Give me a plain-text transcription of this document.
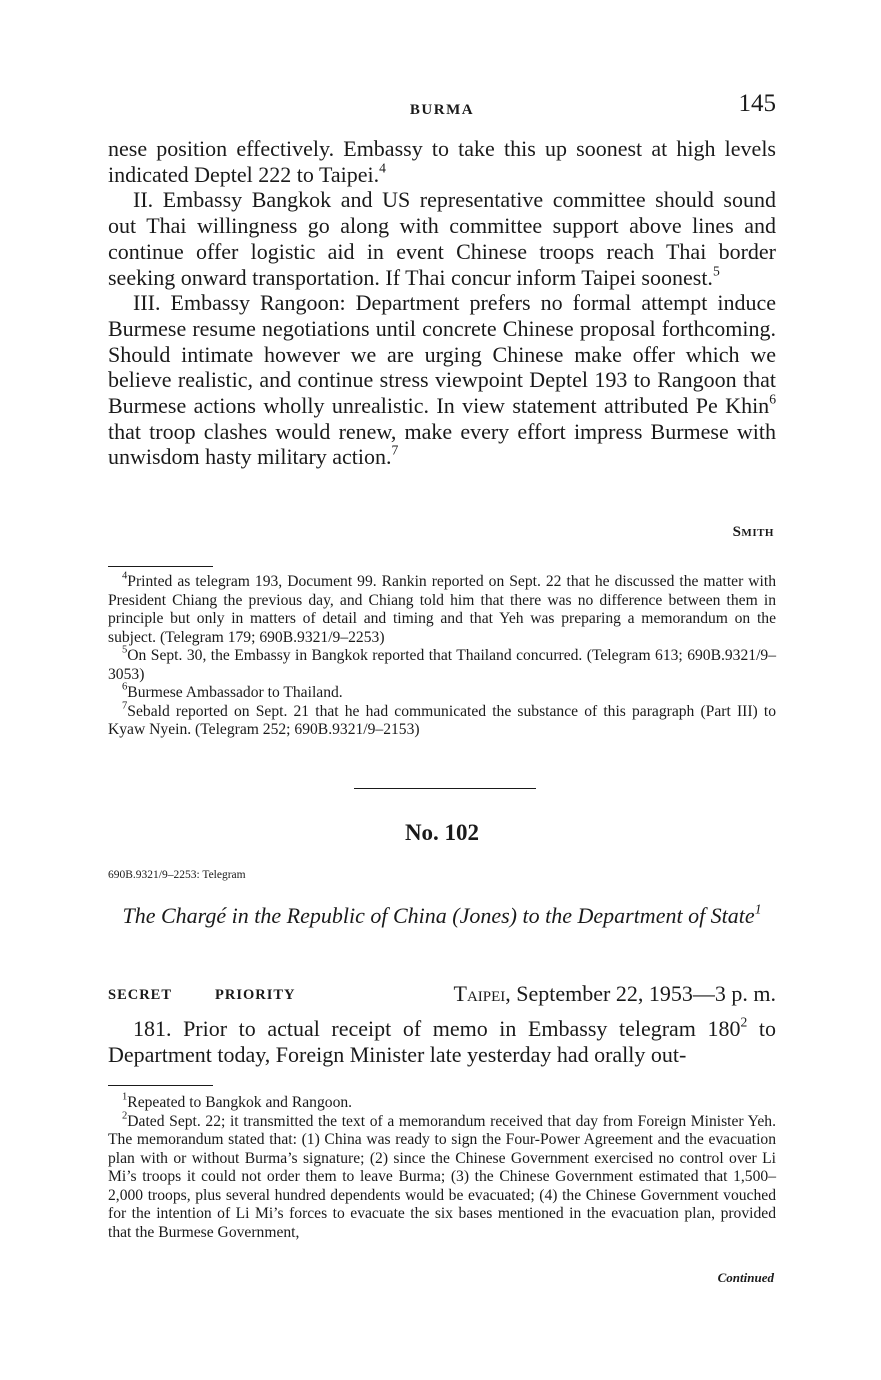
BURMA	145

nese position effectively. Embassy to take this up soonest at high levels indicated Deptel 222 to Taipei.$^4$

II. Embassy Bangkok and US representative committee should sound out Thai willingness go along with committee support above lines and continue offer logistic aid in event Chinese troops reach Thai border seeking onward transportation. If Thai concur inform Taipei soonest.$^5$

III. Embassy Rangoon: Department prefers no formal attempt induce Burmese resume negotiations until concrete Chinese proposal forthcoming. Should intimate however we are urging Chinese make offer which we believe realistic, and continue stress viewpoint Deptel 193 to Rangoon that Burmese actions wholly unrealistic. In view statement attributed Pe Khin$^6$ that troop clashes would renew, make every effort impress Burmese with unwisdom hasty military action.$^7$

Smith

$^4$Printed as telegram 193, Document 99. Rankin reported on Sept. 22 that he discussed the matter with President Chiang the previous day, and Chiang told him that there was no difference between them in principle but only in matters of detail and timing and that Yeh was preparing a memorandum on the subject. (Telegram 179; 690B.9321/9–2253)

$^5$On Sept. 30, the Embassy in Bangkok reported that Thailand concurred. (Telegram 613; 690B.9321/9–3053)

$^6$Burmese Ambassador to Thailand.

$^7$Sebald reported on Sept. 21 that he had communicated the substance of this paragraph (Part III) to Kyaw Nyein. (Telegram 252; 690B.9321/9–2153)

No. 102
690B.9321/9–2253: Telegram
The Chargé in the Republic of China (Jones) to the Department of State$^1$
SECRET	PRIORITY	Taipei, September 22, 1953—3 p. m.

181. Prior to actual receipt of memo in Embassy telegram $180^2$ to Department today, Foreign Minister late yesterday had orally out-

$^1$Repeated to Bangkok and Rangoon.

$^2$Dated Sept. 22; it transmitted the text of a memorandum received that day from Foreign Minister Yeh. The memorandum stated that: (1) China was ready to sign the Four-Power Agreement and the evacuation plan with or without Burma’s signature; (2) since the Chinese Government exercised no control over Li Mi’s troops it could not order them to leave Burma; (3) the Chinese Government estimated that 1,500–2,000 troops, plus several hundred dependents would be evacuated; (4) the Chinese Government vouched for the intention of Li Mi’s forces to evacuate the six bases mentioned in the evacuation plan, provided that the Burmese Government,

Continued
